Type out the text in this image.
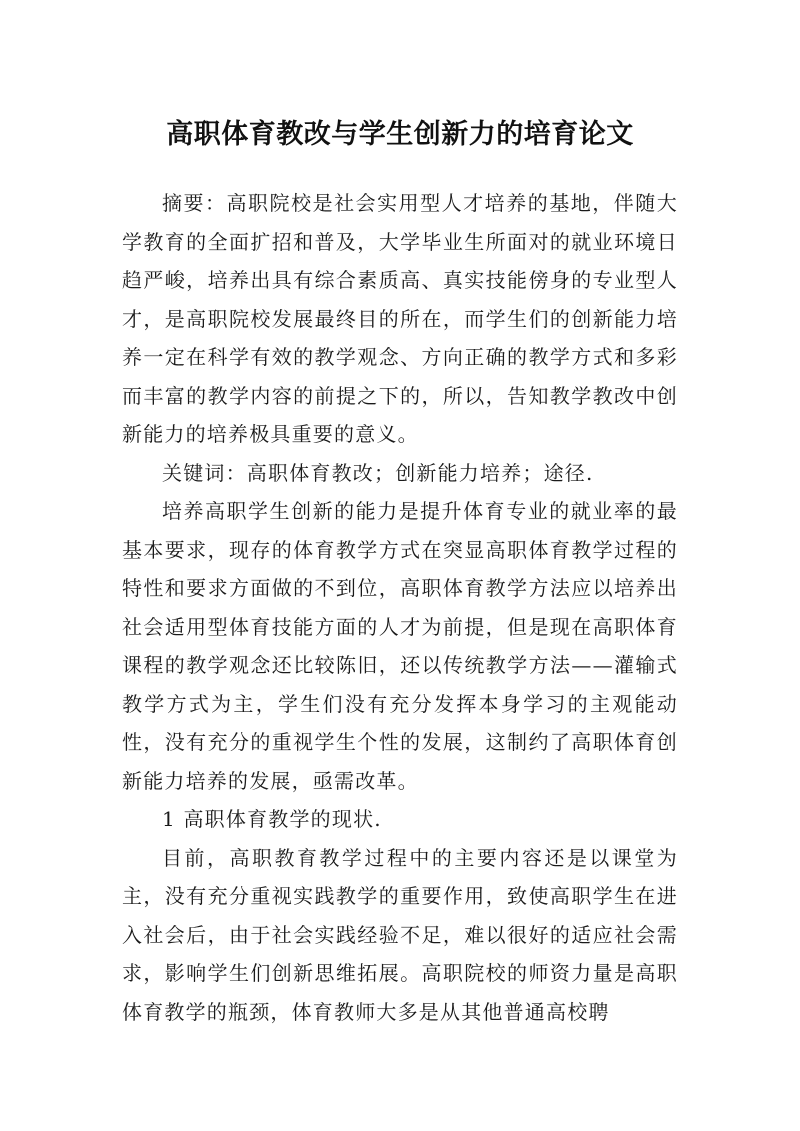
高职体育教改与学生创新力的培育论文

摘要：高职院校是社会实用型人才培养的基地，伴随大学教育的全面扩招和普及，大学毕业生所面对的就业环境日趋严峻，培养出具有综合素质高、真实技能傍身的专业型人才，是高职院校发展最终目的所在，而学生们的创新能力培养一定在科学有效的教学观念、方向正确的教学方式和多彩而丰富的教学内容的前提之下的，所以，告知教学教改中创新能力的培养极具重要的意义。

关键词：高职体育教改；创新能力培养；途径.

培养高职学生创新的能力是提升体育专业的就业率的最基本要求，现存的体育教学方式在突显高职体育教学过程的特性和要求方面做的不到位，高职体育教学方法应以培养出社会适用型体育技能方面的人才为前提，但是现在高职体育课程的教学观念还比较陈旧，还以传统教学方法——灌输式教学方式为主，学生们没有充分发挥本身学习的主观能动性，没有充分的重视学生个性的发展，这制约了高职体育创新能力培养的发展，亟需改革。

1 高职体育教学的现状.

目前，高职教育教学过程中的主要内容还是以课堂为主，没有充分重视实践教学的重要作用，致使高职学生在进入社会后，由于社会实践经验不足，难以很好的适应社会需求，影响学生们创新思维拓展。高职院校的师资力量是高职体育教学的瓶颈，体育教师大多是从其他普通高校聘
